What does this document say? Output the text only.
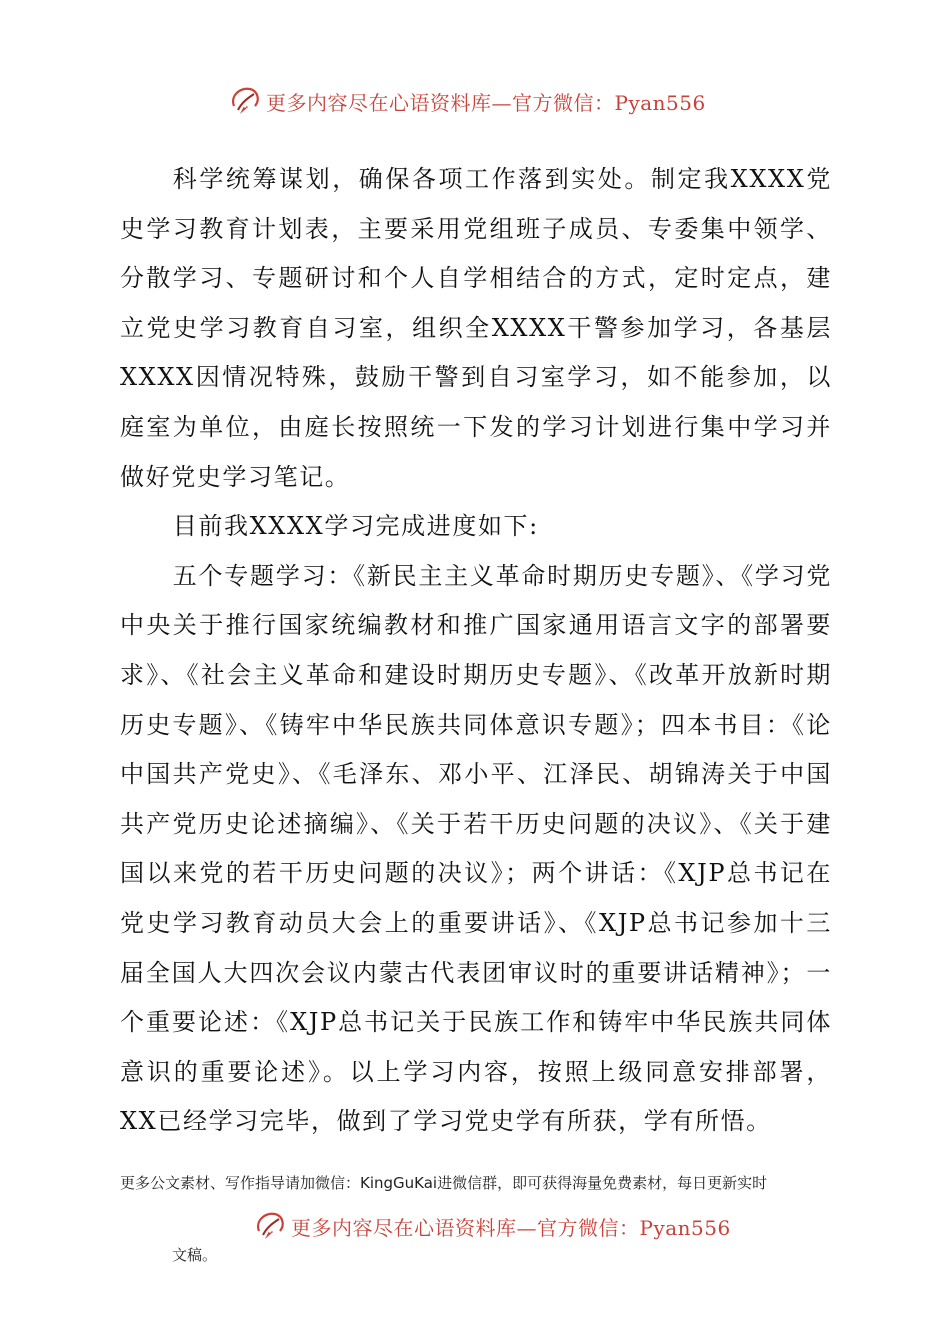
更多内容尽在心语资料库—官方微信：Pyan556

科学统筹谋划，确保各项工作落到实处。制定我XXXX党史学习教育计划表，主要采用党组班子成员、专委集中领学、分散学习、专题研讨和个人自学相结合的方式，定时定点，建立党史学习教育自习室，组织全XXXX干警参加学习，各基层XXXX因情况特殊，鼓励干警到自习室学习，如不能参加，以庭室为单位，由庭长按照统一下发的学习计划进行集中学习并做好党史学习笔记。

目前我XXXX学习完成进度如下:

五个专题学习：《新民主主义革命时期历史专题》、《学习党中央关于推行国家统编教材和推广国家通用语言文字的部署要求》、《社会主义革命和建设时期历史专题》、《改革开放新时期历史专题》、《铸牢中华民族共同体意识专题》；四本书目：《论中国共产党史》、《毛泽东、邓小平、江泽民、胡锦涛关于中国共产党历史论述摘编》、《关于若干历史问题的决议》、《关于建国以来党的若干历史问题的决议》；两个讲话：《XJP总书记在党史学习教育动员大会上的重要讲话》、《XJP总书记参加十三届全国人大四次会议内蒙古代表团审议时的重要讲话精神》；一个重要论述：《XJP总书记关于民族工作和铸牢中华民族共同体意识的重要论述》。以上学习内容，按照上级同意安排部署，XX已经学习完毕，做到了学习党史学有所获，学有所悟。

更多公文素材、写作指导请加微信：KingGuKai进微信群，即可获得海量免费素材，每日更新实时
更多内容尽在心语资料库—官方微信：Pyan556
文稿。
